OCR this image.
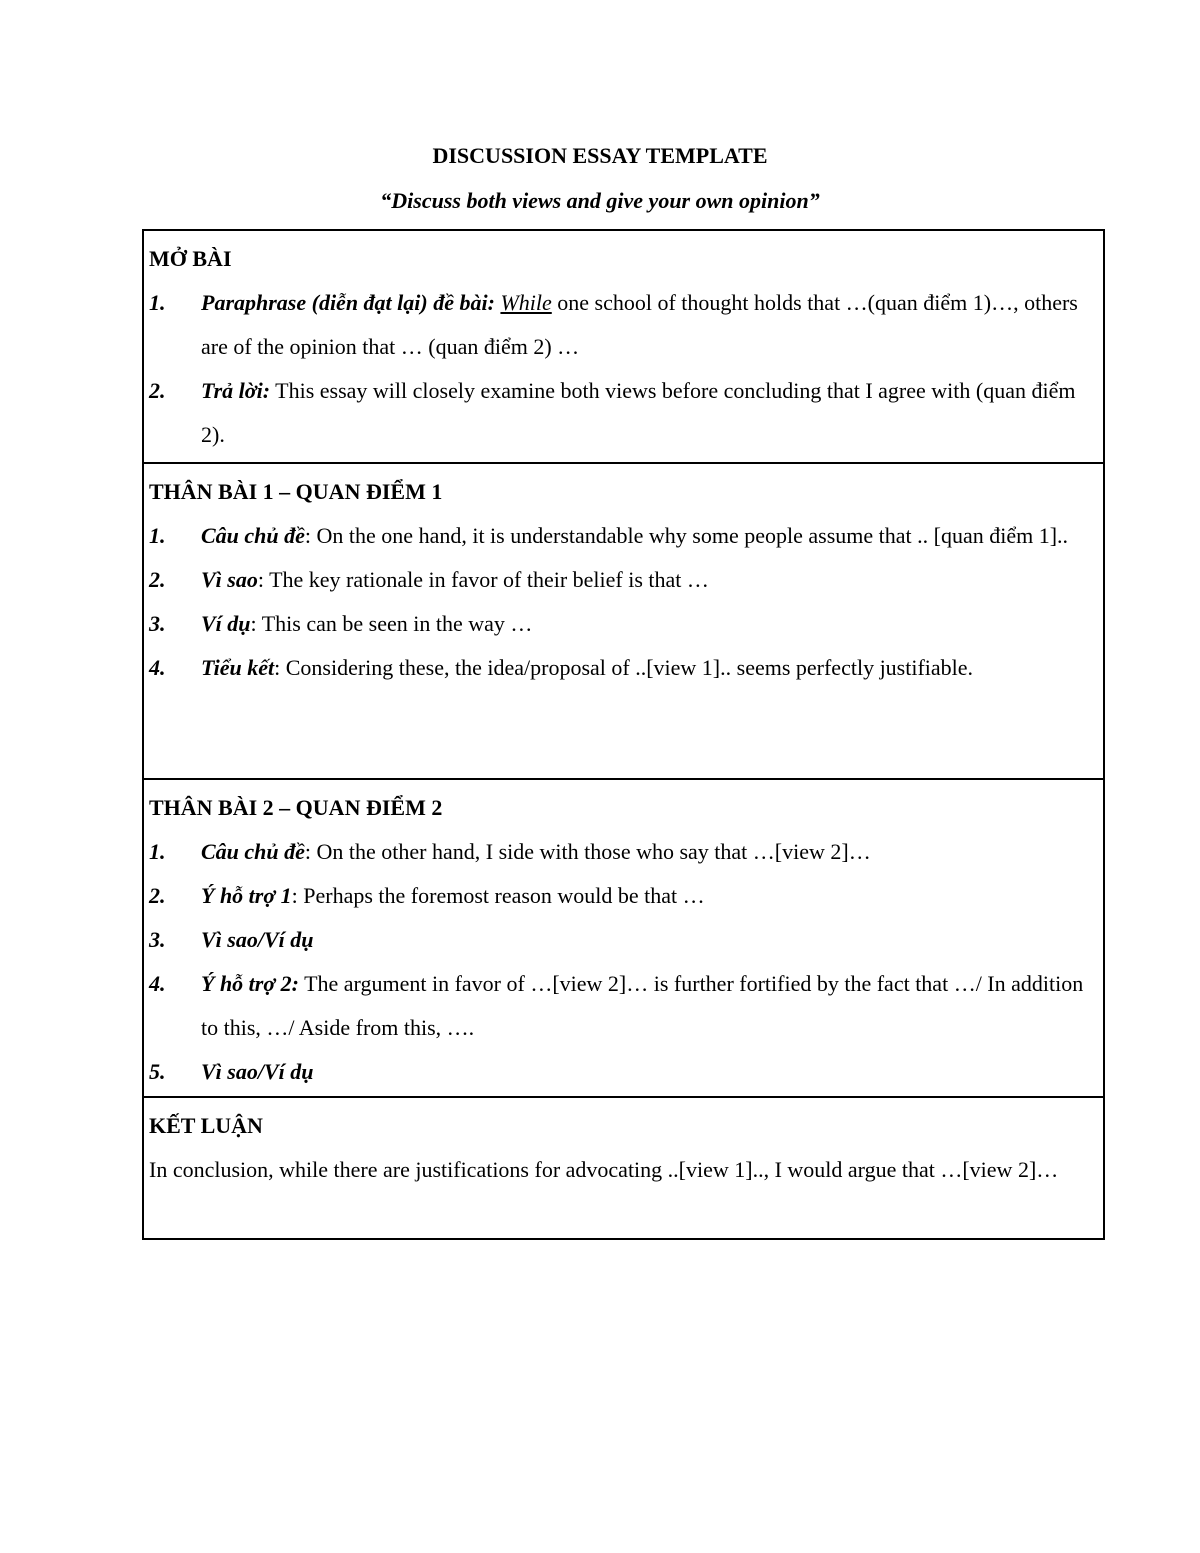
DISCUSSION ESSAY TEMPLATE
“Discuss both views and give your own opinion”
MỞ BÀI
1. Paraphrase (diễn đạt lại) đề bài: While one school of thought holds that …(quan điểm 1)…, others are of the opinion that … (quan điểm 2) …
2. Trả lời: This essay will closely examine both views before concluding that I agree with (quan điểm 2).
THÂN BÀI 1 – QUAN ĐIỂM 1
1. Câu chủ đề: On the one hand, it is understandable why some people assume that .. [quan điểm 1]..
2. Vì sao: The key rationale in favor of their belief is that …
3. Ví dụ: This can be seen in the way …
4. Tiểu kết: Considering these, the idea/proposal of ..[view 1].. seems perfectly justifiable.
THÂN BÀI 2 – QUAN ĐIỂM 2
1. Câu chủ đề: On the other hand, I side with those who say that …[view 2]…
2. Ý hỗ trợ 1: Perhaps the foremost reason would be that …
3. Vì sao/Ví dụ
4. Ý hỗ trợ 2: The argument in favor of …[view 2]… is further fortified by the fact that …/ In addition to this, …/ Aside from this, ….
5. Vì sao/Ví dụ
KẾT LUẬN
In conclusion, while there are justifications for advocating ..[view 1].., I would argue that …[view 2]…
